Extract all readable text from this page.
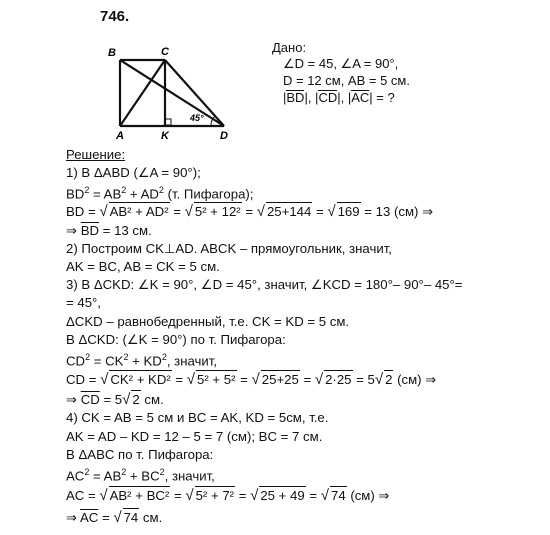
746.
B	C
A	K	D
45°
Дано:
∠D = 45, ∠A = 90°,
D = 12 см, AB = 5 см.
|BD|, |CD|, |AC| = ?
Решение:
1) В ΔABD (∠A = 90°);
$BD^2 = AB^2 + AD^2$ (т. Пифагора);
BD = √ AB² + AD² = √ 5² + 12² = √ 25+144 = √ 169 = 13 (см) ⇒
⇒ $\overline{BD} = 13$ см.
2) Построим CK⊥AD. ABCK – прямоугольник, значит,
AK = BC, AB = CK = 5 см.
3) В ΔCKD: ∠K = 90°, ∠D = 45°, значит, ∠KCD = 180°– 90°– 45°=
= 45°,
ΔCKD – равнобедренный, т.е. CK = KD = 5 см.
В ΔCKD: (∠K = 90°) по т. Пифагора:
$CD^2 = CK^2 + KD^2$, значит,
CD = √ CK² + KD² = √ 5² + 5² = √ 25+25 = √ 2·25 = 5√ 2 (см) ⇒
⇒ $\overline{CD} = 5√$ 2 см.
4) CK = AB = 5 см и BC = AK, KD = 5см, т.е.
AK = AD – KD = 12 – 5 = 7 (см); BC = 7 см.
В ΔABC по т. Пифагора:
$AC^2 = AB^2 + BC^2$, значит,
AC = √ AB² + BC² = √ 5² + 7² = √ 25 + 49 = √ 74 (см) ⇒
⇒ $\overline{AC}$ = √ 74 см.
